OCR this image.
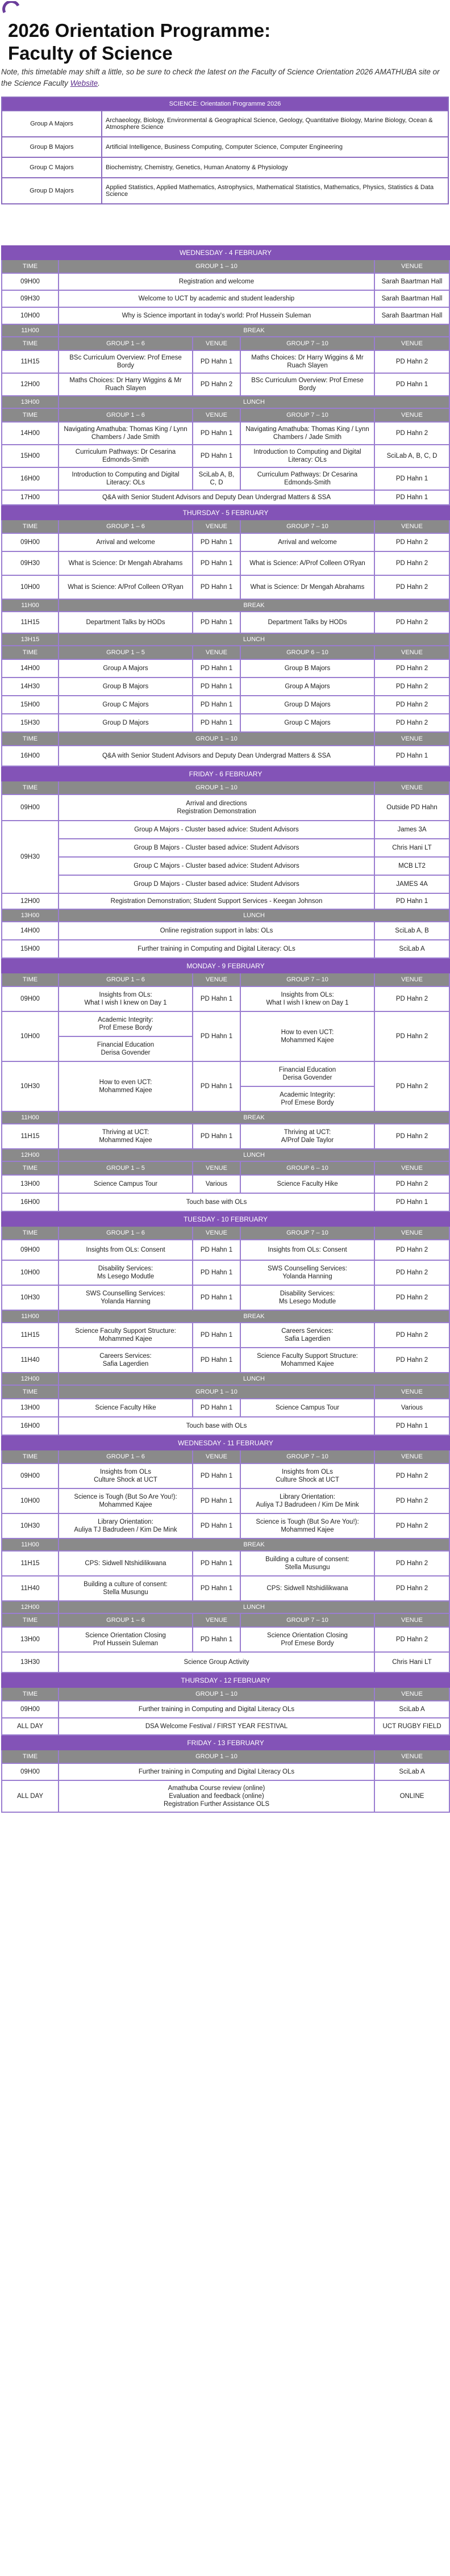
2026 Orientation Programme:
Faculty of Science
Note, this timetable may shift a little, so be sure to check the latest on the Faculty of Science Orientation 2026 AMATHUBA site or the Science Faculty Website.
SCIENCE: Orientation Programme 2026	
Group A Majors	Archaeology, Biology, Environmental & Geographical Science, Geology, Quantitative Biology, Marine Biology, Ocean & Atmosphere Science
Group B Majors	Artificial Intelligence, Business Computing, Computer Science, Computer Engineering
Group C Majors	Biochemistry, Chemistry, Genetics, Human Anatomy & Physiology
Group D Majors	Applied Statistics, Applied Mathematics, Astrophysics, Mathematical Statistics, Mathematics, Physics, Statistics & Data Science
WEDNESDAY - 4 FEBRUARY				
TIME	GROUP 1 – 10			VENUE
09H00	Registration and welcome			Sarah Baartman Hall
09H30	Welcome to UCT by academic and student leadership			Sarah Baartman Hall
10H00	Why is Science important in today's world: Prof Hussein Suleman			Sarah Baartman Hall
11H00	BREAK			
TIME	GROUP 1 – 6	VENUE	GROUP 7 – 10	VENUE
11H15	BSc Curriculum Overview: Prof Emese Bordy	PD Hahn 1	Maths Choices: Dr Harry Wiggins & Mr Ruach Slayen	PD Hahn 2
12H00	Maths Choices: Dr Harry Wiggins & Mr Ruach Slayen	PD Hahn 2	BSc Curriculum Overview: Prof Emese Bordy	PD Hahn 1
13H00	LUNCH			
TIME	GROUP 1 – 6	VENUE	GROUP 7 – 10	VENUE
14H00	Navigating Amathuba: Thomas King / Lynn Chambers / Jade Smith	PD Hahn 1	Navigating Amathuba: Thomas King / Lynn Chambers / Jade Smith	PD Hahn 2
15H00	Curriculum Pathways: Dr Cesarina Edmonds-Smith	PD Hahn 1	Introduction to Computing and Digital Literacy: OLs	SciLab A, B, C, D
16H00	Introduction to Computing and Digital Literacy: OLs	SciLab A, B, C, D	Curriculum Pathways: Dr Cesarina Edmonds-Smith	PD Hahn 1
17H00	Q&A with Senior Student Advisors and Deputy Dean Undergrad Matters & SSA			PD Hahn 1
THURSDAY - 5 FEBRUARY				
TIME	GROUP 1 – 6	VENUE	GROUP 7 – 10	VENUE
09H00	Arrival and welcome	PD Hahn 1	Arrival and welcome	PD Hahn 2
09H30	What is Science: Dr Mengah Abrahams	PD Hahn 1	What is Science: A/Prof Colleen O'Ryan	PD Hahn 2
10H00	What is Science: A/Prof Colleen O'Ryan	PD Hahn 1	What is Science: Dr Mengah Abrahams	PD Hahn 2
11H00	BREAK			
11H15	Department Talks by HODs	PD Hahn 1	Department Talks by HODs	PD Hahn 2
13H15	LUNCH			
TIME	GROUP 1 – 5	VENUE	GROUP 6 – 10	VENUE
14H00	Group A Majors	PD Hahn 1	Group B Majors	PD Hahn 2
14H30	Group B Majors	PD Hahn 1	Group A Majors	PD Hahn 2
15H00	Group C Majors	PD Hahn 1	Group D Majors	PD Hahn 2
15H30	Group D Majors	PD Hahn 1	Group C Majors	PD Hahn 2
TIME	GROUP 1 – 10			VENUE
16H00	Q&A with Senior Student Advisors and Deputy Dean Undergrad Matters & SSA			PD Hahn 1
FRIDAY - 6 FEBRUARY		
TIME	GROUP 1 – 10	VENUE
09H00	Arrival and directions
Registration Demonstration	Outside PD Hahn
09H30	Group A Majors - Cluster based advice: Student Advisors	James 3A
	Group B Majors - Cluster based advice: Student Advisors	Chris Hani LT
	Group C Majors - Cluster based advice: Student Advisors	MCB LT2
	Group D Majors - Cluster based advice: Student Advisors	JAMES 4A
12H00	Registration Demonstration; Student Support Services - Keegan Johnson	PD Hahn 1
13H00	LUNCH	
14H00	Online registration support in labs: OLs	SciLab A, B
15H00	Further training in Computing and Digital Literacy: OLs	SciLab A
MONDAY - 9 FEBRUARY				
TIME	GROUP 1 – 6	VENUE	GROUP 7 – 10	VENUE
09H00	Insights from OLs:
What I wish I knew on Day 1	PD Hahn 1	Insights from OLs:
What I wish I knew on Day 1	PD Hahn 2
10H00	Academic Integrity:
Prof Emese Bordy	PD Hahn 1	How to even UCT:
Mohammed Kajee	PD Hahn 2
	Financial Education
Derisa Govender			
10H30	How to even UCT:
Mohammed Kajee	PD Hahn 1	Financial Education
Derisa Govender	PD Hahn 2
			Academic Integrity:
Prof Emese Bordy	
11H00	BREAK			
11H15	Thriving at UCT:
Mohammed Kajee	PD Hahn 1	Thriving at UCT:
A/Prof Dale Taylor	PD Hahn 2
12H00	LUNCH			
TIME	GROUP 1 – 5	VENUE	GROUP 6 – 10	VENUE
13H00	Science Campus Tour	Various	Science Faculty Hike	PD Hahn 2
16H00	Touch base with OLs			PD Hahn 1
TUESDAY - 10 FEBRUARY				
TIME	GROUP 1 – 6	VENUE	GROUP 7 – 10	VENUE
09H00	Insights from OLs: Consent	PD Hahn 1	Insights from OLs: Consent	PD Hahn 2
10H00	Disability Services:
Ms Lesego Modutle	PD Hahn 1	SWS Counselling Services:
Yolanda Hanning	PD Hahn 2
10H30	SWS Counselling Services:
Yolanda Hanning	PD Hahn 1	Disability Services:
Ms Lesego Modutle	PD Hahn 2
11H00	BREAK			
11H15	Science Faculty Support Structure:
Mohammed Kajee	PD Hahn 1	Careers Services:
Safia Lagerdien	PD Hahn 2
11H40	Careers Services:
Safia Lagerdien	PD Hahn 1	Science Faculty Support Structure:
Mohammed Kajee	PD Hahn 2
12H00	LUNCH			
TIME	GROUP 1 – 10			VENUE
13H00	Science Faculty Hike	PD Hahn 1	Science Campus Tour	Various
16H00	Touch base with OLs			PD Hahn 1
WEDNESDAY - 11 FEBRUARY				
TIME	GROUP 1 – 6	VENUE	GROUP 7 – 10	VENUE
09H00	Insights from OLs
Culture Shock at UCT	PD Hahn 1	Insights from OLs
Culture Shock at UCT	PD Hahn 2
10H00	Science is Tough (But So Are You!):
Mohammed Kajee	PD Hahn 1	Library Orientation:
Auliya TJ Badrudeen / Kim De Mink	PD Hahn 2
10H30	Library Orientation:
Auliya TJ Badrudeen / Kim De Mink	PD Hahn 1	Science is Tough (But So Are You!):
Mohammed Kajee	PD Hahn 2
11H00	BREAK			
11H15	CPS: Sidwell Ntshidilikwana	PD Hahn 1	Building a culture of consent:
Stella Musungu	PD Hahn 2
11H40	Building a culture of consent:
Stella Musungu	PD Hahn 1	CPS: Sidwell Ntshidilikwana	PD Hahn 2
12H00	LUNCH			
TIME	GROUP 1 – 6	VENUE	GROUP 7 – 10	VENUE
13H00	Science Orientation Closing
Prof Hussein Suleman	PD Hahn 1	Science Orientation Closing
Prof Emese Bordy	PD Hahn 2
13H30	Science Group Activity			Chris Hani LT
THURSDAY - 12 FEBRUARY		
TIME	GROUP 1 – 10	VENUE
09H00	Further training in Computing and Digital Literacy OLs	SciLab A
ALL DAY	DSA Welcome Festival / FIRST YEAR FESTIVAL	UCT RUGBY FIELD
FRIDAY - 13 FEBRUARY		
TIME	GROUP 1 – 10	VENUE
09H00	Further training in Computing and Digital Literacy OLs	SciLab A
ALL DAY	Amathuba Course review (online)
Evaluation and feedback (online)
Registration Further Assistance OLS	ONLINE
